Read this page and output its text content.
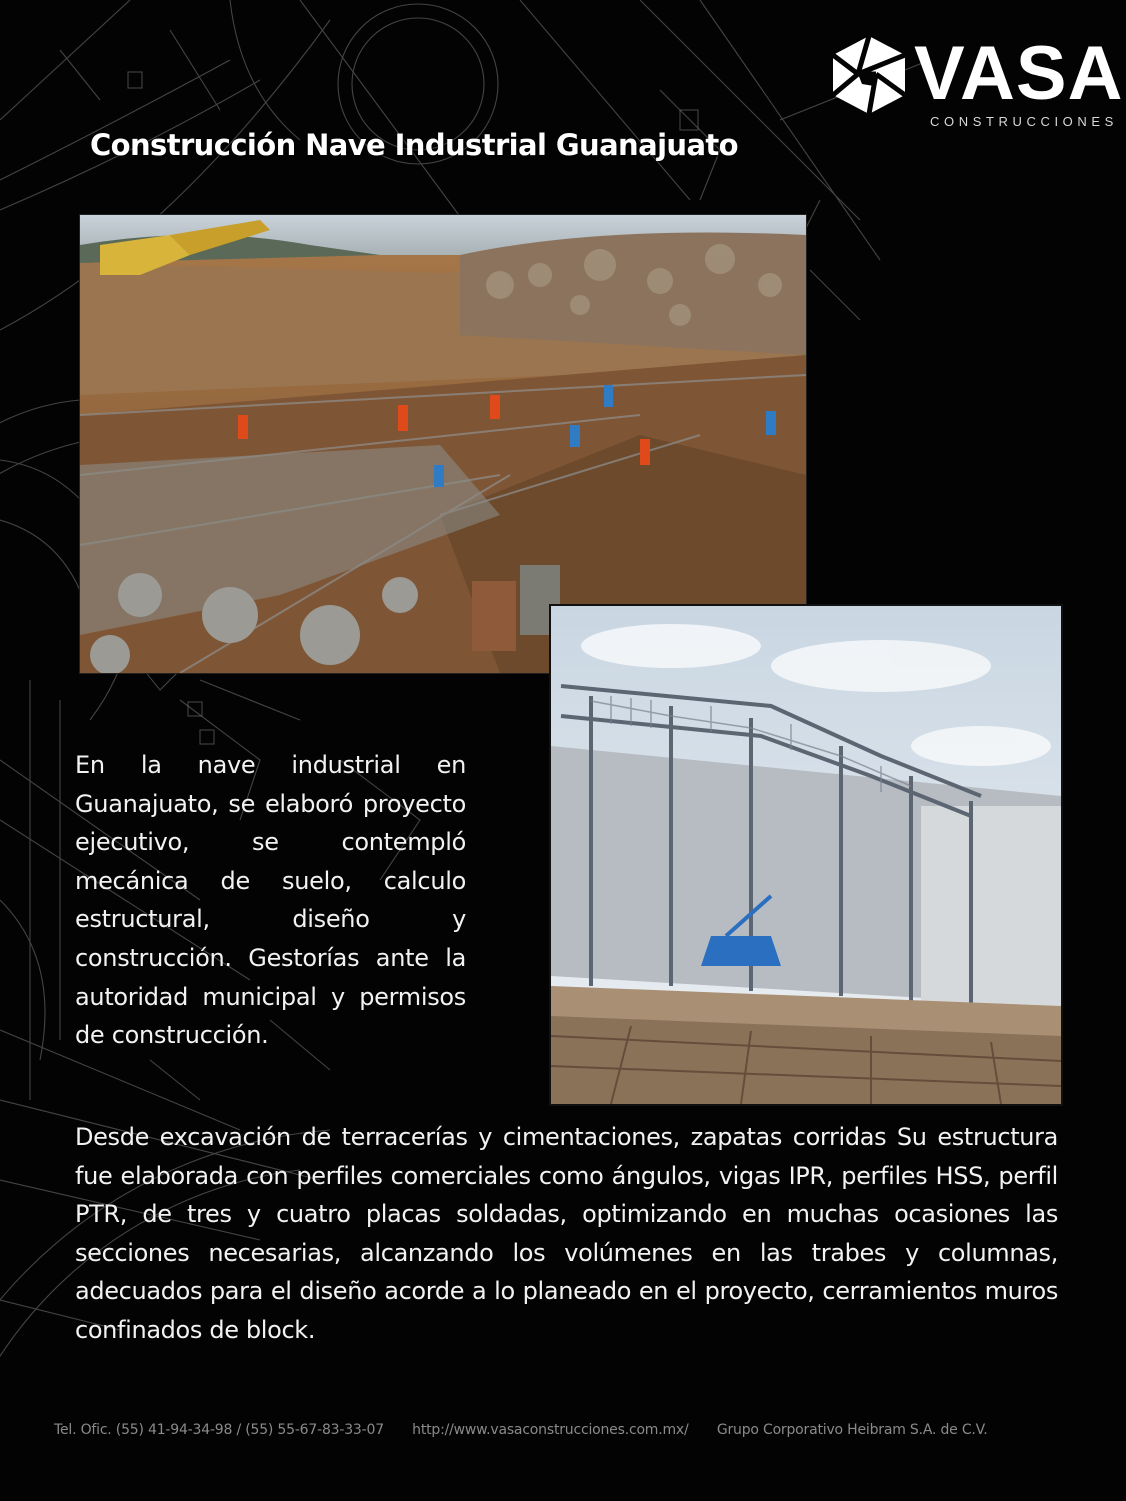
VASA
CONSTRUCCIONES
Construcción Nave Industrial Guanajuato
En la nave industrial en Guanajuato, se elaboró proyecto ejecutivo, se contempló mecánica de suelo, calculo estructural, diseño y construcción. Gestorías ante la autoridad municipal y permisos de construcción.
Desde excavación de terracerías y cimentaciones, zapatas corridas Su estructura fue elaborada con perfiles comerciales como ángulos, vigas IPR, perfiles HSS, perfil PTR, de tres y cuatro placas soldadas, optimizando en muchas ocasiones las secciones necesarias, alcanzando los volúmenes en las trabes y columnas, adecuados para el diseño acorde a lo planeado en el proyecto, cerramientos muros confinados de block.
Tel. Ofic. (55) 41-94-34-98 / (55) 55-67-83-33-07 http://www.vasaconstrucciones.com.mx/ Grupo Corporativo Heibram S.A. de C.V.
